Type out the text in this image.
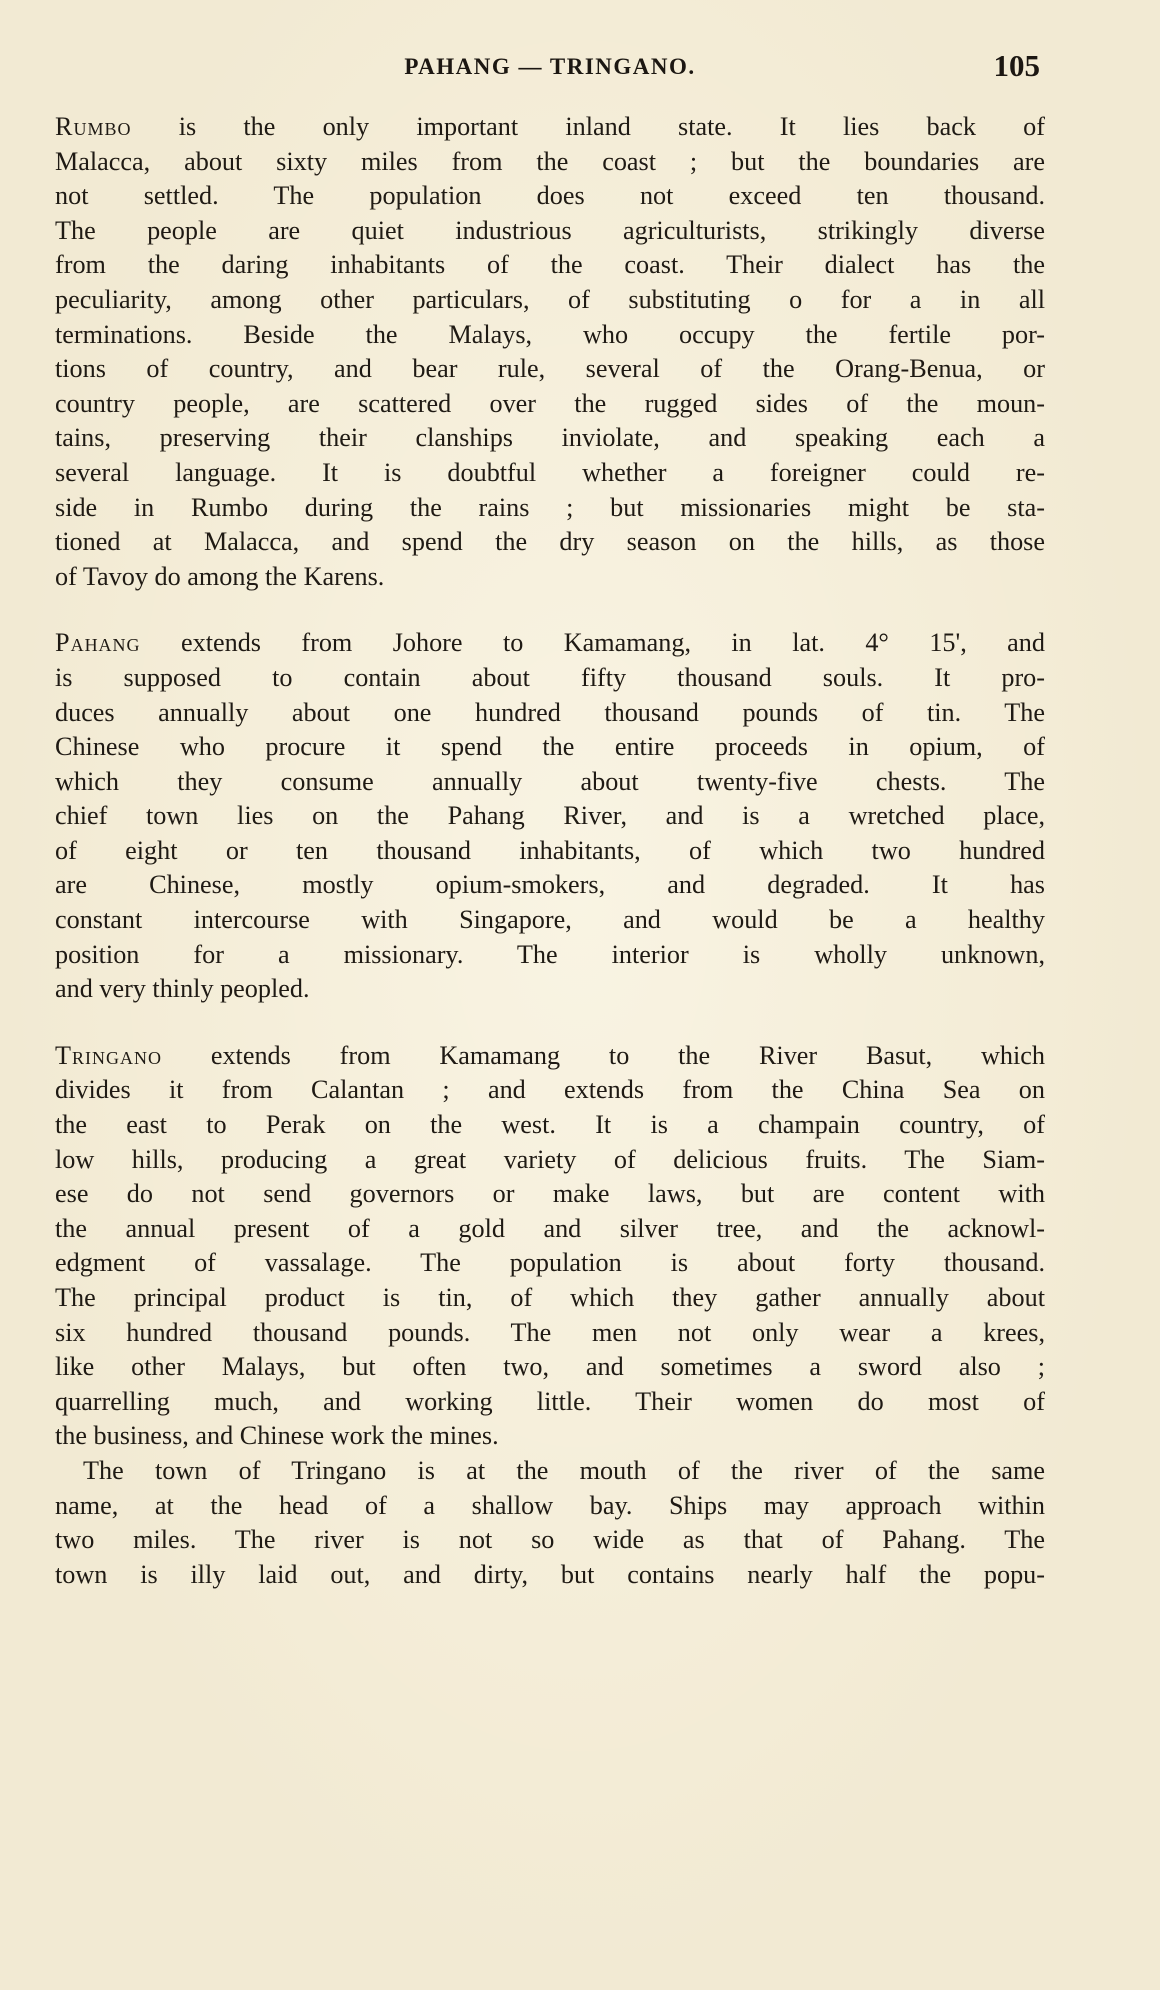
PAHANG — TRINGANO.	105
Rumbo is the only important inland state. It lies back of
Malacca, about sixty miles from the coast ; but the boundaries are
not settled. The population does not exceed ten thousand.
The people are quiet industrious agriculturists, strikingly diverse
from the daring inhabitants of the coast. Their dialect has the
peculiarity, among other particulars, of substituting o for a in all
terminations. Beside the Malays, who occupy the fertile por-
tions of country, and bear rule, several of the Orang-Benua, or
country people, are scattered over the rugged sides of the moun-
tains, preserving their clanships inviolate, and speaking each a
several language. It is doubtful whether a foreigner could re-
side in Rumbo during the rains ; but missionaries might be sta-
tioned at Malacca, and spend the dry season on the hills, as those
of Tavoy do among the Karens.
Pahang extends from Johore to Kamamang, in lat. 4° 15', and
is supposed to contain about fifty thousand souls. It pro-
duces annually about one hundred thousand pounds of tin. The
Chinese who procure it spend the entire proceeds in opium, of
which they consume annually about twenty-five chests. The
chief town lies on the Pahang River, and is a wretched place,
of eight or ten thousand inhabitants, of which two hundred
are Chinese, mostly opium-smokers, and degraded. It has
constant intercourse with Singapore, and would be a healthy
position for a missionary. The interior is wholly unknown,
and very thinly peopled.
Tringano extends from Kamamang to the River Basut, which
divides it from Calantan ; and extends from the China Sea on
the east to Perak on the west. It is a champain country, of
low hills, producing a great variety of delicious fruits. The Siam-
ese do not send governors or make laws, but are content with
the annual present of a gold and silver tree, and the acknowl-
edgment of vassalage. The population is about forty thousand.
The principal product is tin, of which they gather annually about
six hundred thousand pounds. The men not only wear a krees,
like other Malays, but often two, and sometimes a sword also ;
quarrelling much, and working little. Their women do most of
the business, and Chinese work the mines.
The town of Tringano is at the mouth of the river of the same
name, at the head of a shallow bay. Ships may approach within
two miles. The river is not so wide as that of Pahang. The
town is illy laid out, and dirty, but contains nearly half the popu-
